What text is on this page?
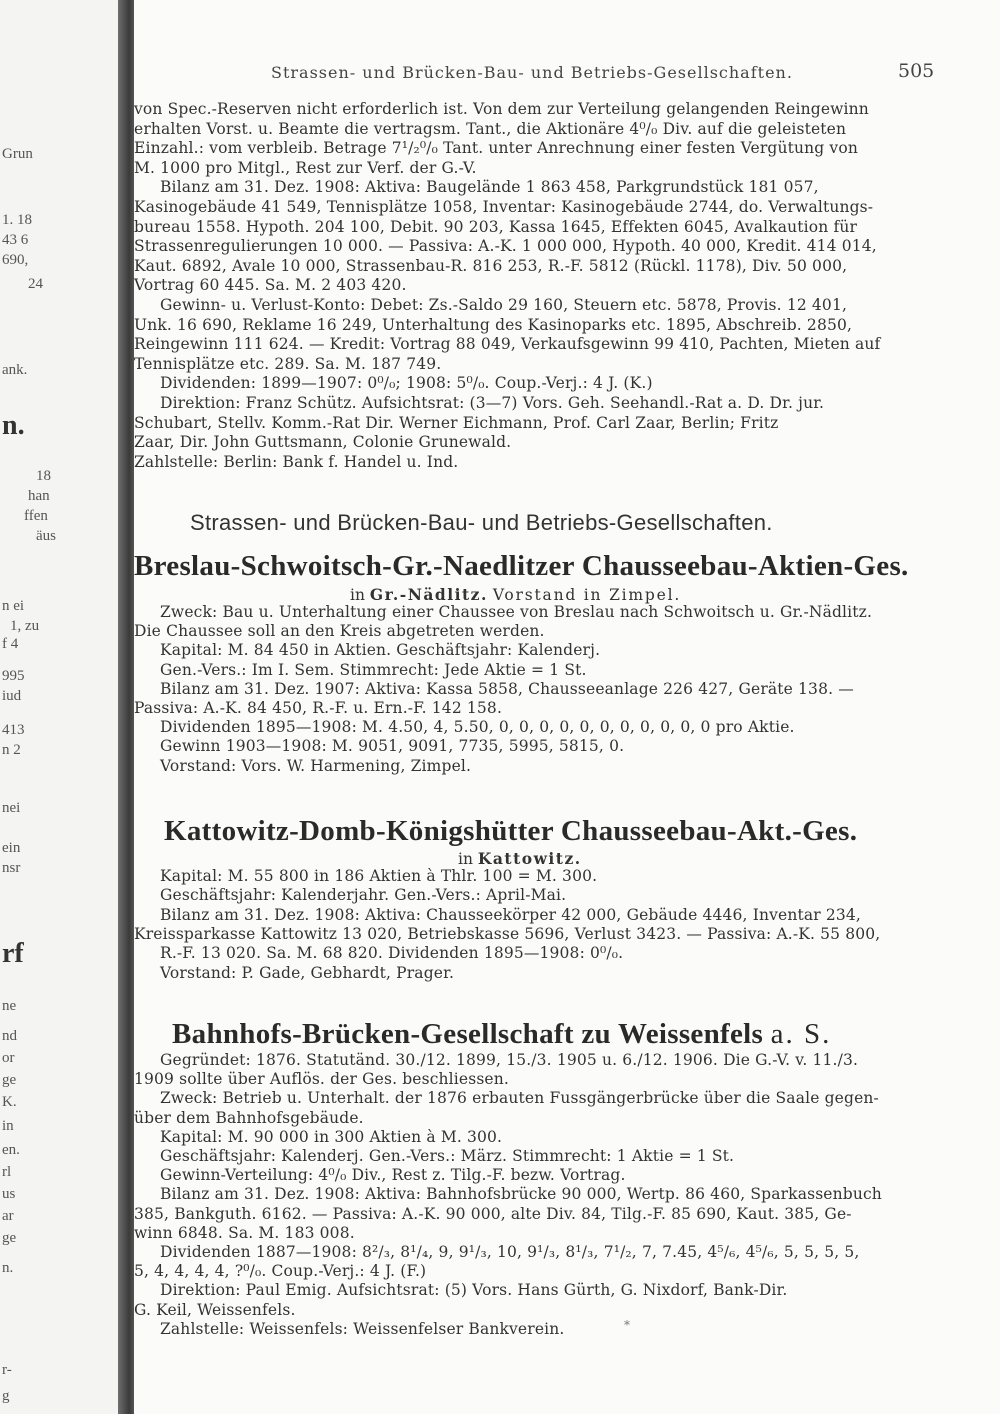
Grun
1. 18
43 6
690,
24
ank.
n.
18
han
ffen
äus
n ei
1, zu
f 4
995
iud
413
n 2
nei
ein
nsr
rf
ne
nd
or
ge
K.
in
en.
rl
us
ar
ge
n.
r-
g
Strassen- und Brücken-Bau- und Betriebs-Gesellschaften.	505
von Spec.-Reserven nicht erforderlich ist. Von dem zur Verteilung gelangenden Reingewinn
erhalten Vorst. u. Beamte die vertragsm. Tant., die Aktionäre 4⁰/₀ Div. auf die geleisteten
Einzahl.: vom verbleib. Betrage 7¹/₂⁰/₀ Tant. unter Anrechnung einer festen Vergütung von
M. 1000 pro Mitgl., Rest zur Verf. der G.-V.
Bilanz am 31. Dez. 1908: Aktiva: Baugelände 1 863 458, Parkgrundstück 181 057,
Kasinogebäude 41 549, Tennisplätze 1058, Inventar: Kasinogebäude 2744, do. Verwaltungs-
bureau 1558. Hypoth. 204 100, Debit. 90 203, Kassa 1645, Effekten 6045, Avalkaution für
Strassenregulierungen 10 000. — Passiva: A.-K. 1 000 000, Hypoth. 40 000, Kredit. 414 014,
Kaut. 6892, Avale 10 000, Strassenbau-R. 816 253, R.-F. 5812 (Rückl. 1178), Div. 50 000,
Vortrag 60 445. Sa. M. 2 403 420.
Gewinn- u. Verlust-Konto: Debet: Zs.-Saldo 29 160, Steuern etc. 5878, Provis. 12 401,
Unk. 16 690, Reklame 16 249, Unterhaltung des Kasinoparks etc. 1895, Abschreib. 2850,
Reingewinn 111 624. — Kredit: Vortrag 88 049, Verkaufsgewinn 99 410, Pachten, Mieten auf
Tennisplätze etc. 289. Sa. M. 187 749.
Dividenden: 1899—1907: 0⁰/₀; 1908: 5⁰/₀. Coup.-Verj.: 4 J. (K.)
Direktion: Franz Schütz. Aufsichtsrat: (3—7) Vors. Geh. Seehandl.-Rat a. D. Dr. jur.
Schubart, Stellv. Komm.-Rat Dir. Werner Eichmann, Prof. Carl Zaar, Berlin; Fritz
Zaar, Dir. John Guttsmann, Colonie Grunewald.
Zahlstelle: Berlin: Bank f. Handel u. Ind.
Strassen- und Brücken-Bau- und Betriebs-Gesellschaften.
Breslau-Schwoitsch-Gr.-Naedlitzer Chausseebau-Aktien-Ges.
in Gr.-Nädlitz. Vorstand in Zimpel.
Zweck: Bau u. Unterhaltung einer Chaussee von Breslau nach Schwoitsch u. Gr.-Nädlitz.
Die Chaussee soll an den Kreis abgetreten werden.
Kapital: M. 84 450 in Aktien. Geschäftsjahr: Kalenderj.
Gen.-Vers.: Im I. Sem. Stimmrecht: Jede Aktie = 1 St.
Bilanz am 31. Dez. 1907: Aktiva: Kassa 5858, Chausseeanlage 226 427, Geräte 138. —
Passiva: A.-K. 84 450, R.-F. u. Ern.-F. 142 158.
Dividenden 1895—1908: M. 4.50, 4, 5.50, 0, 0, 0, 0, 0, 0, 0, 0, 0, 0, 0 pro Aktie.
Gewinn 1903—1908: M. 9051, 9091, 7735, 5995, 5815, 0.
Vorstand: Vors. W. Harmening, Zimpel.
Kattowitz-Domb-Königshütter Chausseebau-Akt.-Ges.
in Kattowitz.
Kapital: M. 55 800 in 186 Aktien à Thlr. 100 = M. 300.
Geschäftsjahr: Kalenderjahr. Gen.-Vers.: April-Mai.
Bilanz am 31. Dez. 1908: Aktiva: Chausseekörper 42 000, Gebäude 4446, Inventar 234,
Kreissparkasse Kattowitz 13 020, Betriebskasse 5696, Verlust 3423. — Passiva: A.-K. 55 800,
R.-F. 13 020. Sa. M. 68 820. Dividenden 1895—1908: 0⁰/₀.
Vorstand: P. Gade, Gebhardt, Prager.
Bahnhofs-Brücken-Gesellschaft zu Weissenfels a. S.
Gegründet: 1876. Statutänd. 30./12. 1899, 15./3. 1905 u. 6./12. 1906. Die G.-V. v. 11./3.
1909 sollte über Auflös. der Ges. beschliessen.
Zweck: Betrieb u. Unterhalt. der 1876 erbauten Fussgängerbrücke über die Saale gegen-
über dem Bahnhofsgebäude.
Kapital: M. 90 000 in 300 Aktien à M. 300.
Geschäftsjahr: Kalenderj. Gen.-Vers.: März. Stimmrecht: 1 Aktie = 1 St.
Gewinn-Verteilung: 4⁰/₀ Div., Rest z. Tilg.-F. bezw. Vortrag.
Bilanz am 31. Dez. 1908: Aktiva: Bahnhofsbrücke 90 000, Wertp. 86 460, Sparkassenbuch
385, Bankguth. 6162. — Passiva: A.-K. 90 000, alte Div. 84, Tilg.-F. 85 690, Kaut. 385, Ge-
winn 6848. Sa. M. 183 008.
Dividenden 1887—1908: 8²/₃, 8¹/₄, 9, 9¹/₃, 10, 9¹/₃, 8¹/₃, 7¹/₂, 7, 7.45, 4⁵/₆, 4⁵/₆, 5, 5, 5, 5,
5, 4, 4, 4, 4, ?⁰/₀. Coup.-Verj.: 4 J. (F.)
Direktion: Paul Emig. Aufsichtsrat: (5) Vors. Hans Gürth, G. Nixdorf, Bank-Dir.
G. Keil, Weissenfels.
Zahlstelle: Weissenfels: Weissenfelser Bankverein.	*
